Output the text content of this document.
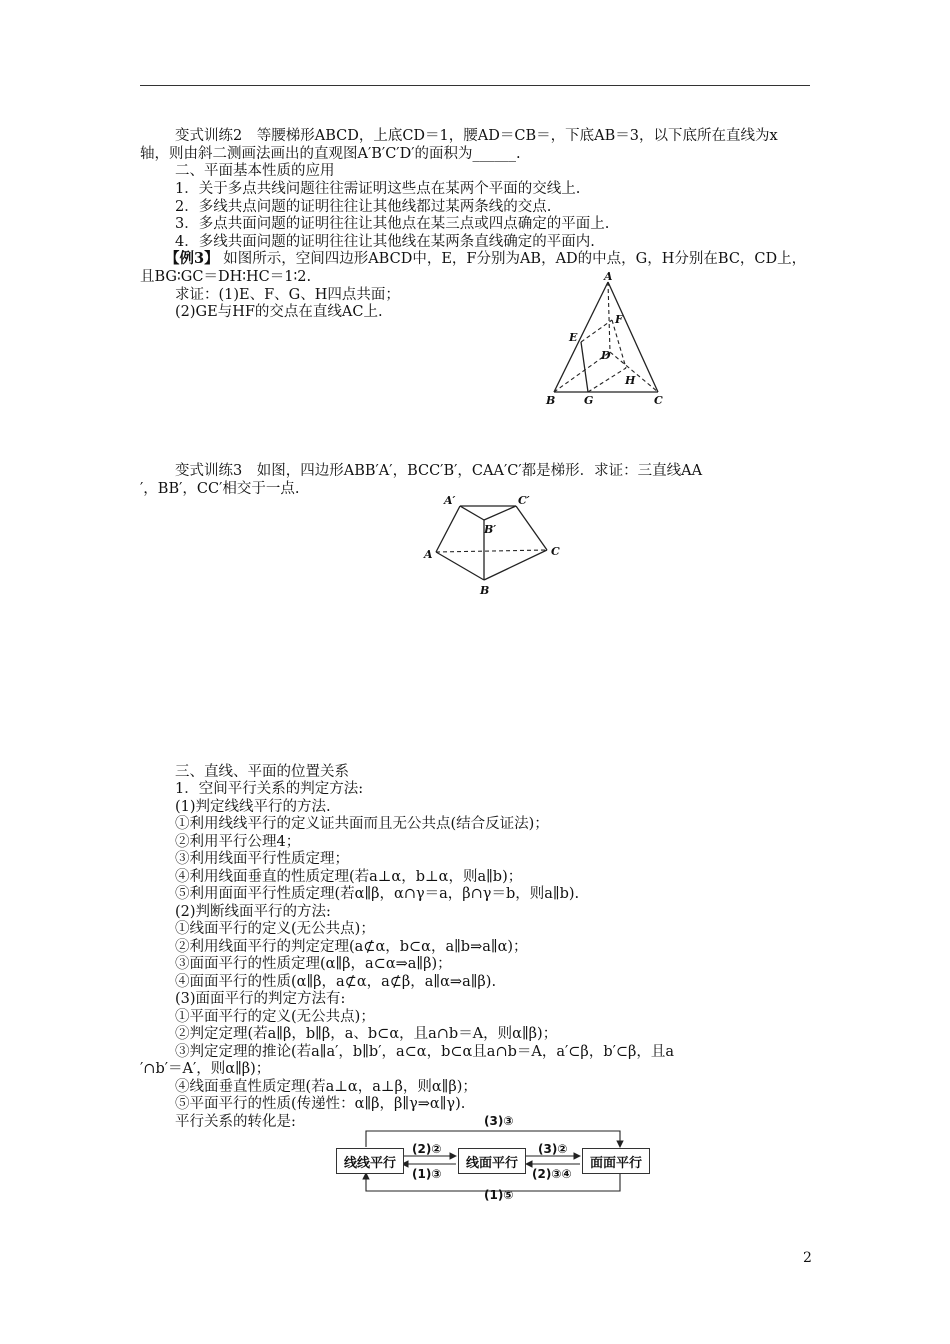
变式训练2　等腰梯形ABCD，上底CD＝1，腰AD＝CB＝，下底AB＝3，以下底所在直线为x
轴，则由斜二测画法画出的直观图A′B′C′D′的面积为______.
二、平面基本性质的应用
1．关于多点共线问题往往需证明这些点在某两个平面的交线上.
2．多线共点问题的证明往往让其他线都过某两条线的交点.
3．多点共面问题的证明往往让其他点在某三点或四点确定的平面上.
4．多线共面问题的证明往往让其他线在某两条直线确定的平面内.
【例3】 如图所示，空间四边形ABCD中，E，F分别为AB，AD的中点，G，H分别在BC，CD上，
且BG∶GC＝DH∶HC＝1∶2.
求证：(1)E、F、G、H四点共面；
(2)GE与HF的交点在直线AC上.
A
E
F
D
H
B	G	C
变式训练3　如图，四边形ABB′A′，BCC′B′，CAA′C′都是梯形．求证：三直线AA
′，BB′，CC′相交于一点.
A′	C′
B′
A	C
B
三、直线、平面的位置关系
1．空间平行关系的判定方法:
(1)判定线线平行的方法.
①利用线线平行的定义证共面而且无公共点(结合反证法)；
②利用平行公理4；
③利用线面平行性质定理；
④利用线面垂直的性质定理(若a⊥α，b⊥α，则a∥b)；
⑤利用面面平行性质定理(若α∥β，α∩γ＝a，β∩γ＝b，则a∥b).
(2)判断线面平行的方法:
①线面平行的定义(无公共点)；
②利用线面平行的判定定理(a⊄α，b⊂α，a∥b⇒a∥α)；
③面面平行的性质定理(α∥β，a⊂α⇒a∥β)；
④面面平行的性质(α∥β，a⊄α，a⊄β，a∥α⇒a∥β).
(3)面面平行的判定方法有:
①平面平行的定义(无公共点)；
②判定定理(若a∥β，b∥β，a、b⊂α，且a∩b＝A，则α∥β)；
③判定定理的推论(若a∥a′，b∥b′，a⊂α，b⊂α且a∩b＝A，a′⊂β，b′⊂β，且a
′∩b′＝A′，则α∥β)；
④线面垂直性质定理(若a⊥α，a⊥β，则α∥β)；
⑤平面平行的性质(传递性：α∥β，β∥γ⇒α∥γ).
平行关系的转化是:
线线平行	线面平行	面面平行
(3)③
(2)②
(1)③
(3)②
(2)③④
(1)⑤
2
